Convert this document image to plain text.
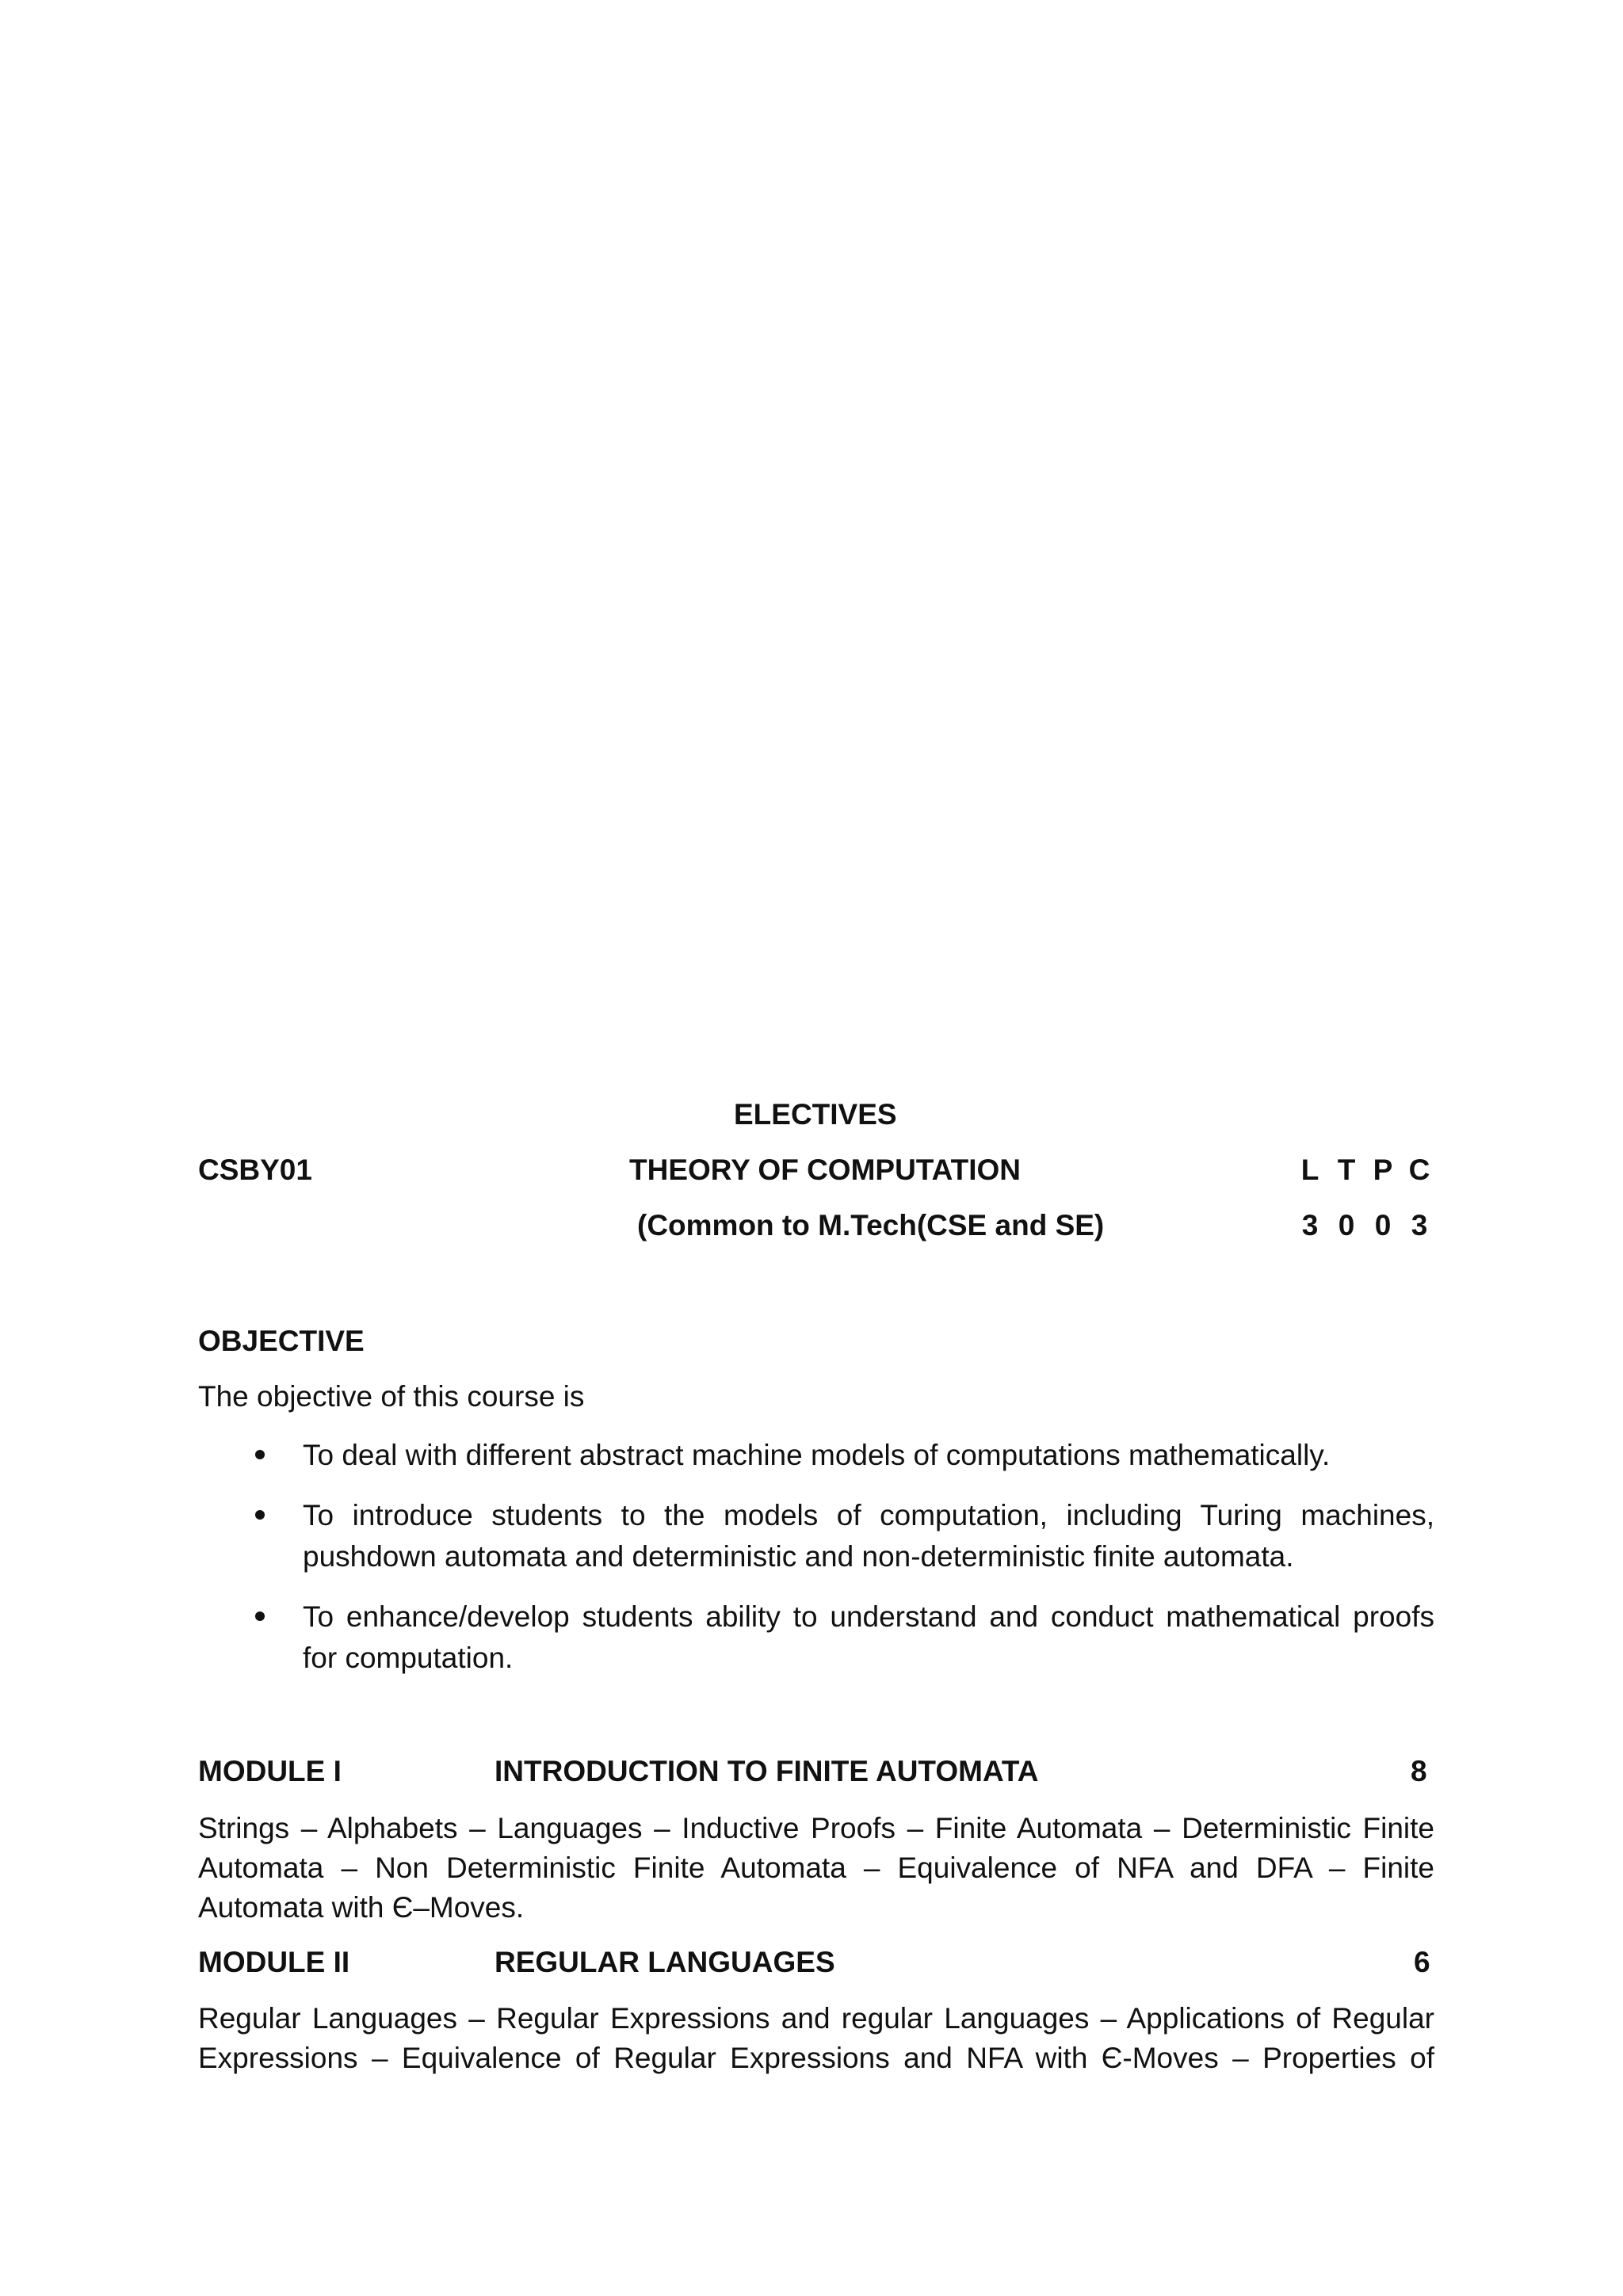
ELECTIVES
CSBY01	THEORY OF COMPUTATION	L T P C
(Common to M.Tech(CSE and SE)	3 0 0 3
OBJECTIVE
The objective of this course is
To deal with different abstract machine models of computations mathematically.
To introduce students to the models of computation, including Turing machines, pushdown automata and deterministic and non-deterministic finite automata.
To enhance/develop students ability to understand and conduct mathematical proofs for computation.
MODULE I	INTRODUCTION TO FINITE AUTOMATA	8
Strings – Alphabets – Languages – Inductive Proofs – Finite Automata – Deterministic Finite Automata – Non Deterministic Finite Automata – Equivalence of NFA and DFA – Finite Automata with Є–Moves.
MODULE II	REGULAR LANGUAGES	6
Regular Languages – Regular Expressions and regular Languages – Applications of Regular Expressions – Equivalence of Regular Expressions and NFA with Є-Moves – Properties of
